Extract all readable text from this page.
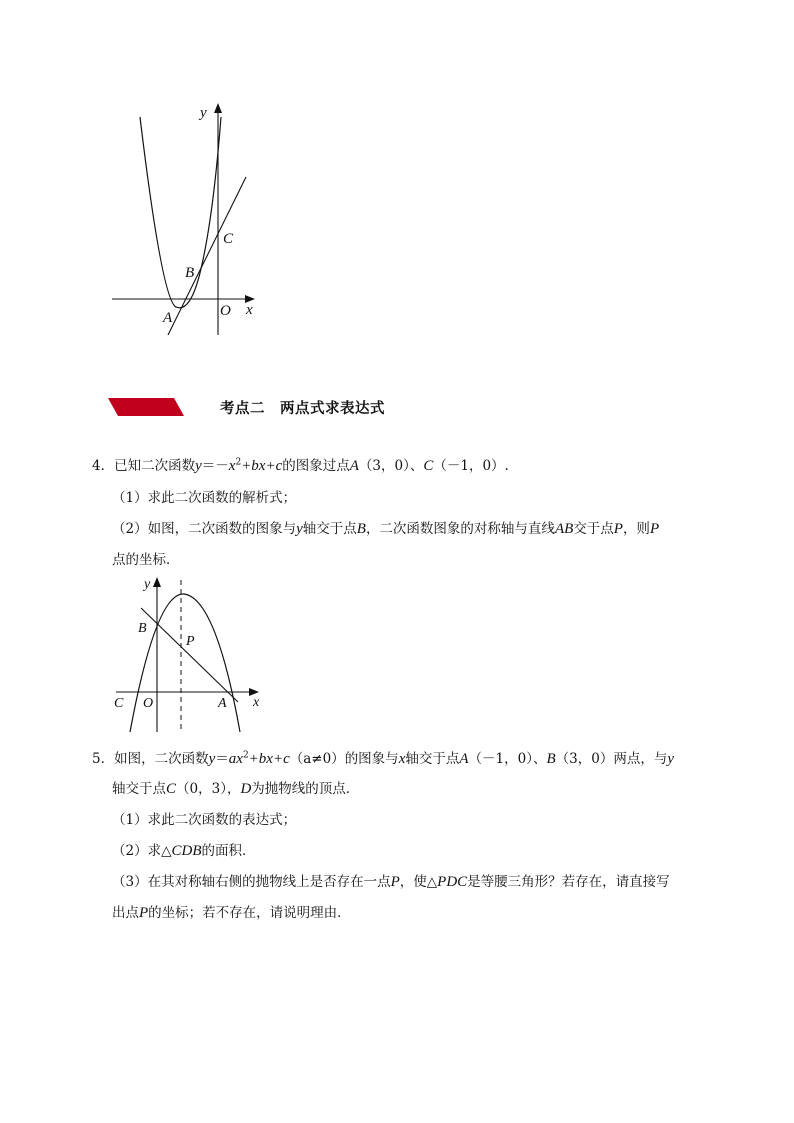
y
C
B
O x
A
考点二　两点式求表达式
4．已知二次函数$y=-x^2+bx+c$的图象过点A（3，0）、C（－1，0）.
（1）求此二次函数的解析式；
（2）如图，二次函数的图象与y轴交于点B，二次函数图象的对称轴与直线AB交于点P，则P
点的坐标．
y
B
P
C O	A x
5．如图，二次函数$y=ax^2+bx+c(a\ne 0)$的图象与x轴交于点A（－1，0）、B（3，0）两点，与y
轴交于点C（0，3），D为抛物线的顶点．
（1）求此二次函数的表达式；
（2）求△CDB的面积．
（3）在其对称轴右侧的抛物线上是否存在一点P，使△PDC是等腰三角形？若存在，请直接写
出点P的坐标；若不存在，请说明理由．
